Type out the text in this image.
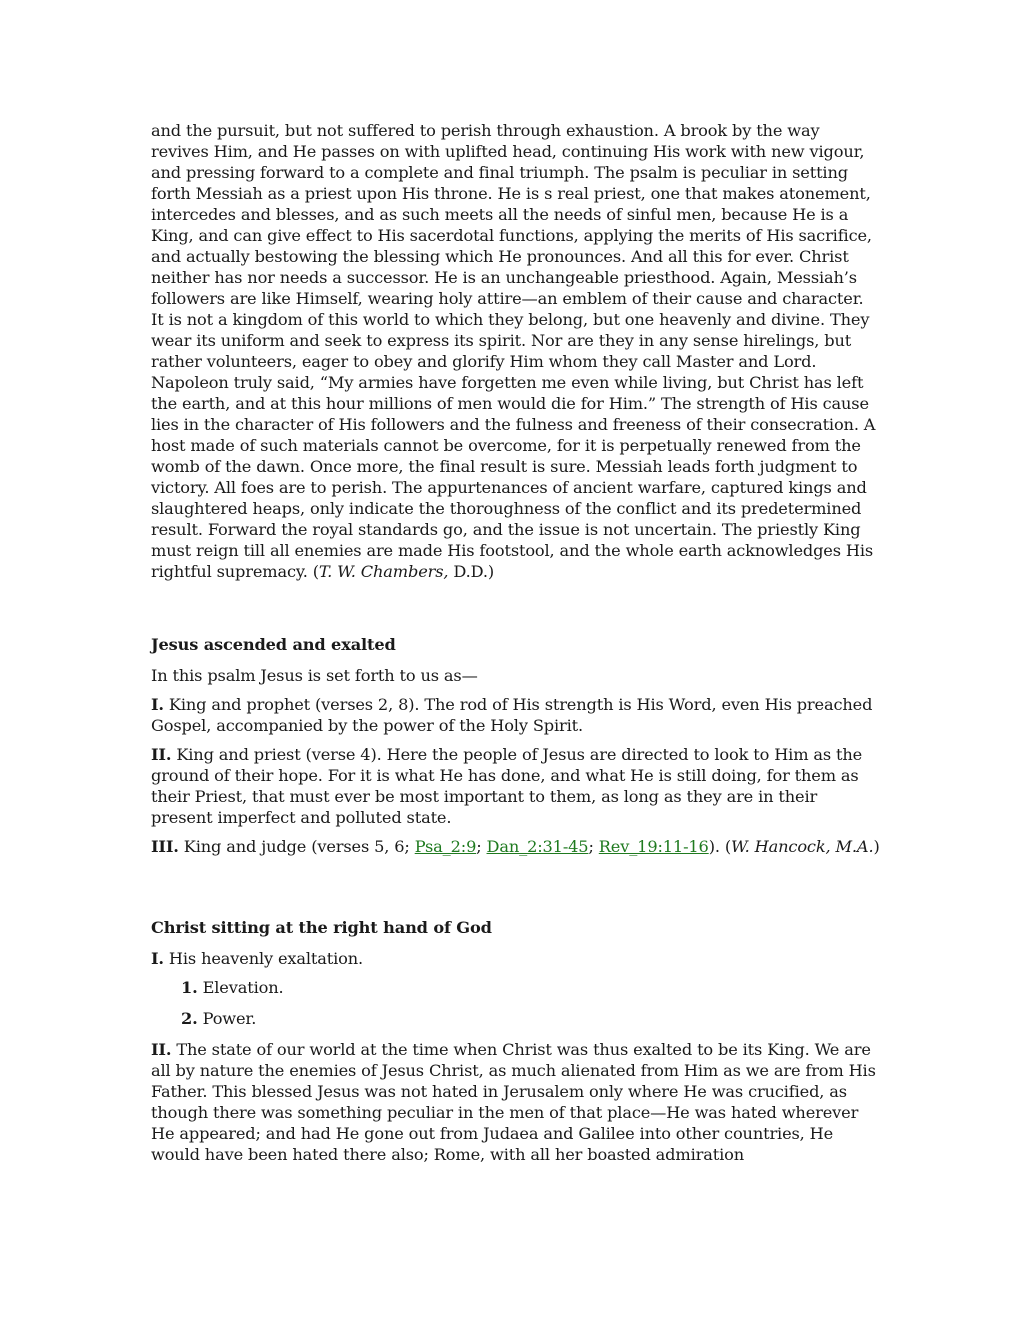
and the pursuit, but not suffered to perish through exhaustion. A brook by the way revives Him, and He passes on with uplifted head, continuing His work with new vigour, and pressing forward to a complete and final triumph. The psalm is peculiar in setting forth Messiah as a priest upon His throne. He is s real priest, one that makes atonement, intercedes and blesses, and as such meets all the needs of sinful men, because He is a King, and can give effect to His sacerdotal functions, applying the merits of His sacrifice, and actually bestowing the blessing which He pronounces. And all this for ever. Christ neither has nor needs a successor. He is an unchangeable priesthood. Again, Messiah’s followers are like Himself, wearing holy attire—an emblem of their cause and character. It is not a kingdom of this world to which they belong, but one heavenly and divine. They wear its uniform and seek to express its spirit. Nor are they in any sense hirelings, but rather volunteers, eager to obey and glorify Him whom they call Master and Lord. Napoleon truly said, “My armies have forgetten me even while living, but Christ has left the earth, and at this hour millions of men would die for Him.” The strength of His cause lies in the character of His followers and the fulness and freeness of their consecration. A host made of such materials cannot be overcome, for it is perpetually renewed from the womb of the dawn. Once more, the final result is sure. Messiah leads forth judgment to victory. All foes are to perish. The appurtenances of ancient warfare, captured kings and slaughtered heaps, only indicate the thoroughness of the conflict and its predetermined result. Forward the royal standards go, and the issue is not uncertain. The priestly King must reign till all enemies are made His footstool, and the whole earth acknowledges His rightful supremacy. (T. W. Chambers, D.D.)

Jesus ascended and exalted

In this psalm Jesus is set forth to us as—

I. King and prophet (verses 2, 8). The rod of His strength is His Word, even His preached Gospel, accompanied by the power of the Holy Spirit.

II. King and priest (verse 4). Here the people of Jesus are directed to look to Him as the ground of their hope. For it is what He has done, and what He is still doing, for them as their Priest, that must ever be most important to them, as long as they are in their present imperfect and polluted state.

III. King and judge (verses 5, 6; Psa_2:9; Dan_2:31-45; Rev_19:11-16). (W. Hancock, M.A.)

Christ sitting at the right hand of God

I. His heavenly exaltation.

1. Elevation.

2. Power.

II. The state of our world at the time when Christ was thus exalted to be its King. We are all by nature the enemies of Jesus Christ, as much alienated from Him as we are from His Father. This blessed Jesus was not hated in Jerusalem only where He was crucified, as though there was something peculiar in the men of that place—He was hated wherever He appeared; and had He gone out from Judaea and Galilee into other countries, He would have been hated there also; Rome, with all her boasted admiration
